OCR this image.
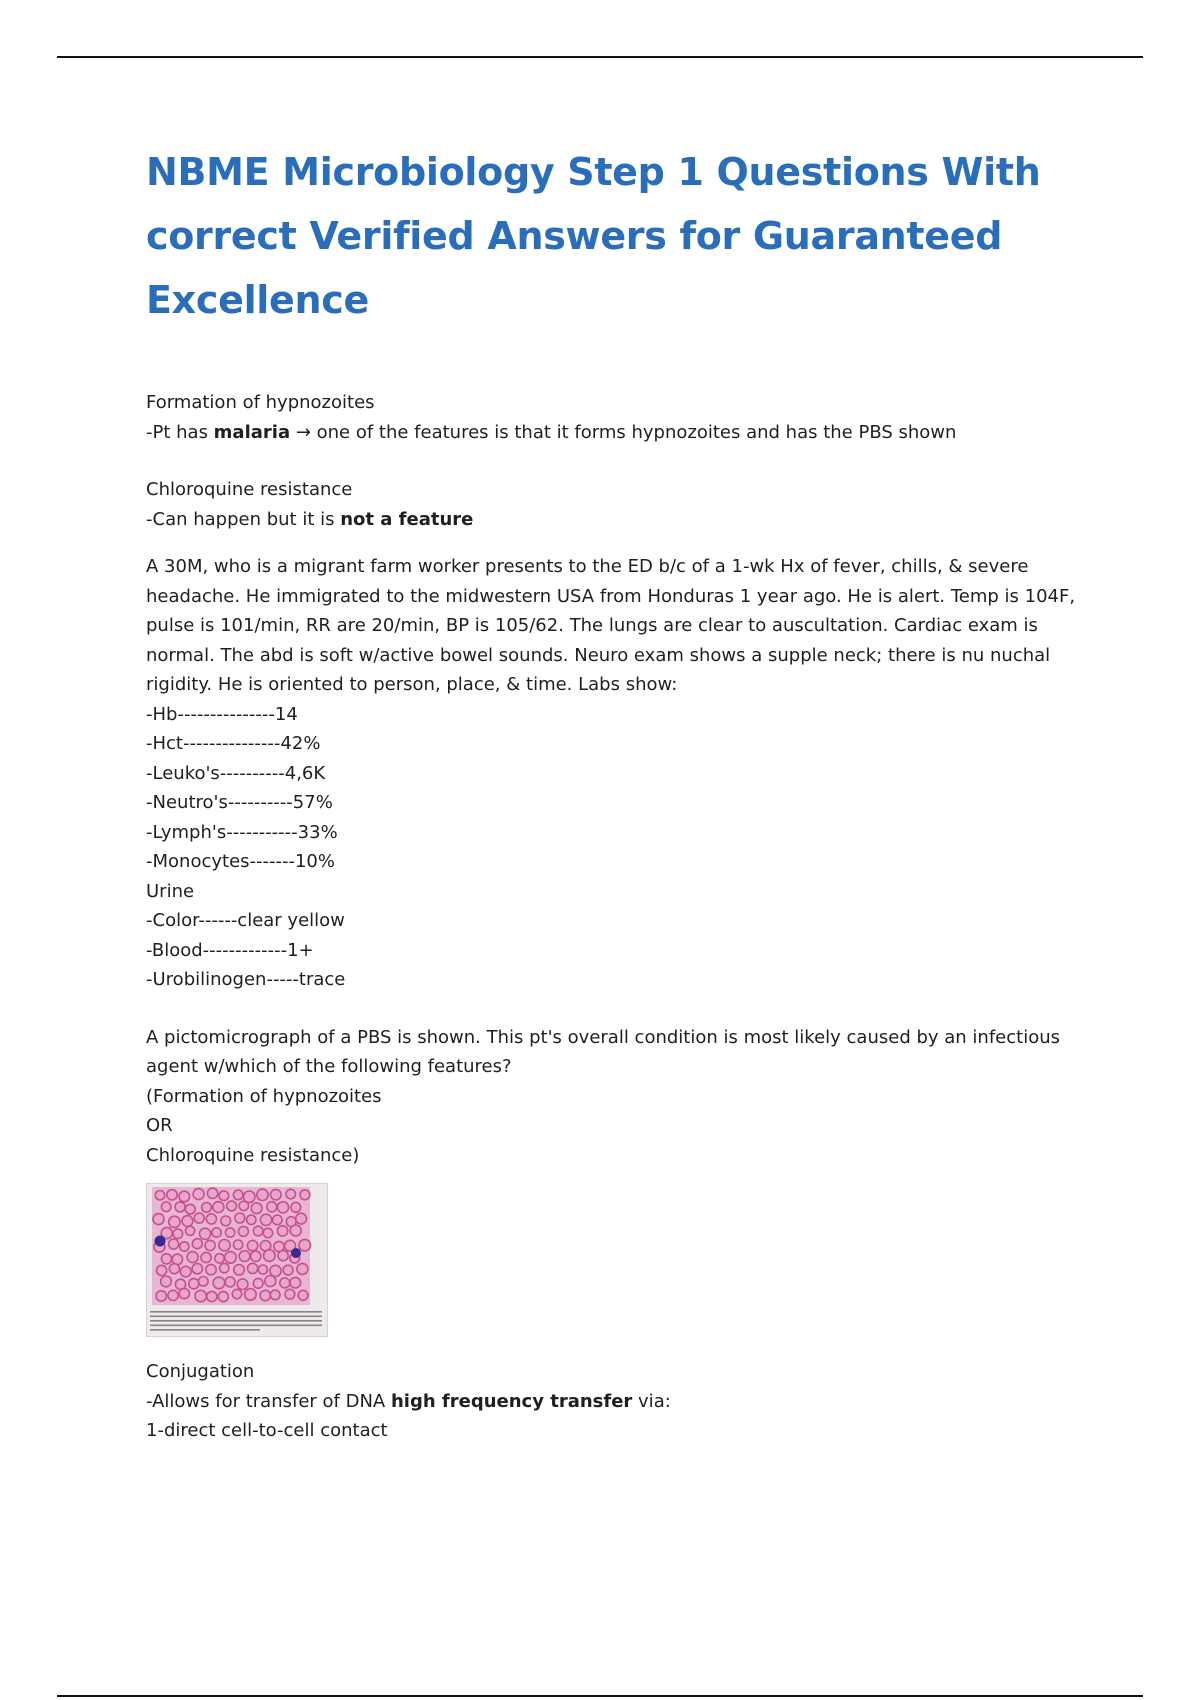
NBME Microbiology Step 1 Questions With correct Verified Answers for Guaranteed Excellence
Formation of hypnozoites
-Pt has malaria → one of the features is that it forms hypnozoites and has the PBS shown
Chloroquine resistance
-Can happen but it is not a feature

A 30M, who is a migrant farm worker presents to the ED b/c of a 1-wk Hx of fever, chills, & severe headache. He immigrated to the midwestern USA from Honduras 1 year ago. He is alert. Temp is 104F, pulse is 101/min, RR are 20/min, BP is 105/62. The lungs are clear to auscultation. Cardiac exam is normal. The abd is soft w/active bowel sounds. Neuro exam shows a supple neck; there is nu nuchal rigidity. He is oriented to person, place, & time. Labs show:

-Hb---------------14
-Hct---------------42%
-Leuko's----------4,6K
-Neutro's----------57%
-Lymph's-----------33%
-Monocytes-------10%
Urine
-Color------clear yellow
-Blood-------------1+
-Urobilinogen-----trace

A pictomicrograph of a PBS is shown. This pt's overall condition is most likely caused by an infectious agent w/which of the following features?

(Formation of hypnozoites
OR
Chloroquine resistance)
Conjugation
-Allows for transfer of DNA high frequency transfer via:
1-direct cell-to-cell contact
